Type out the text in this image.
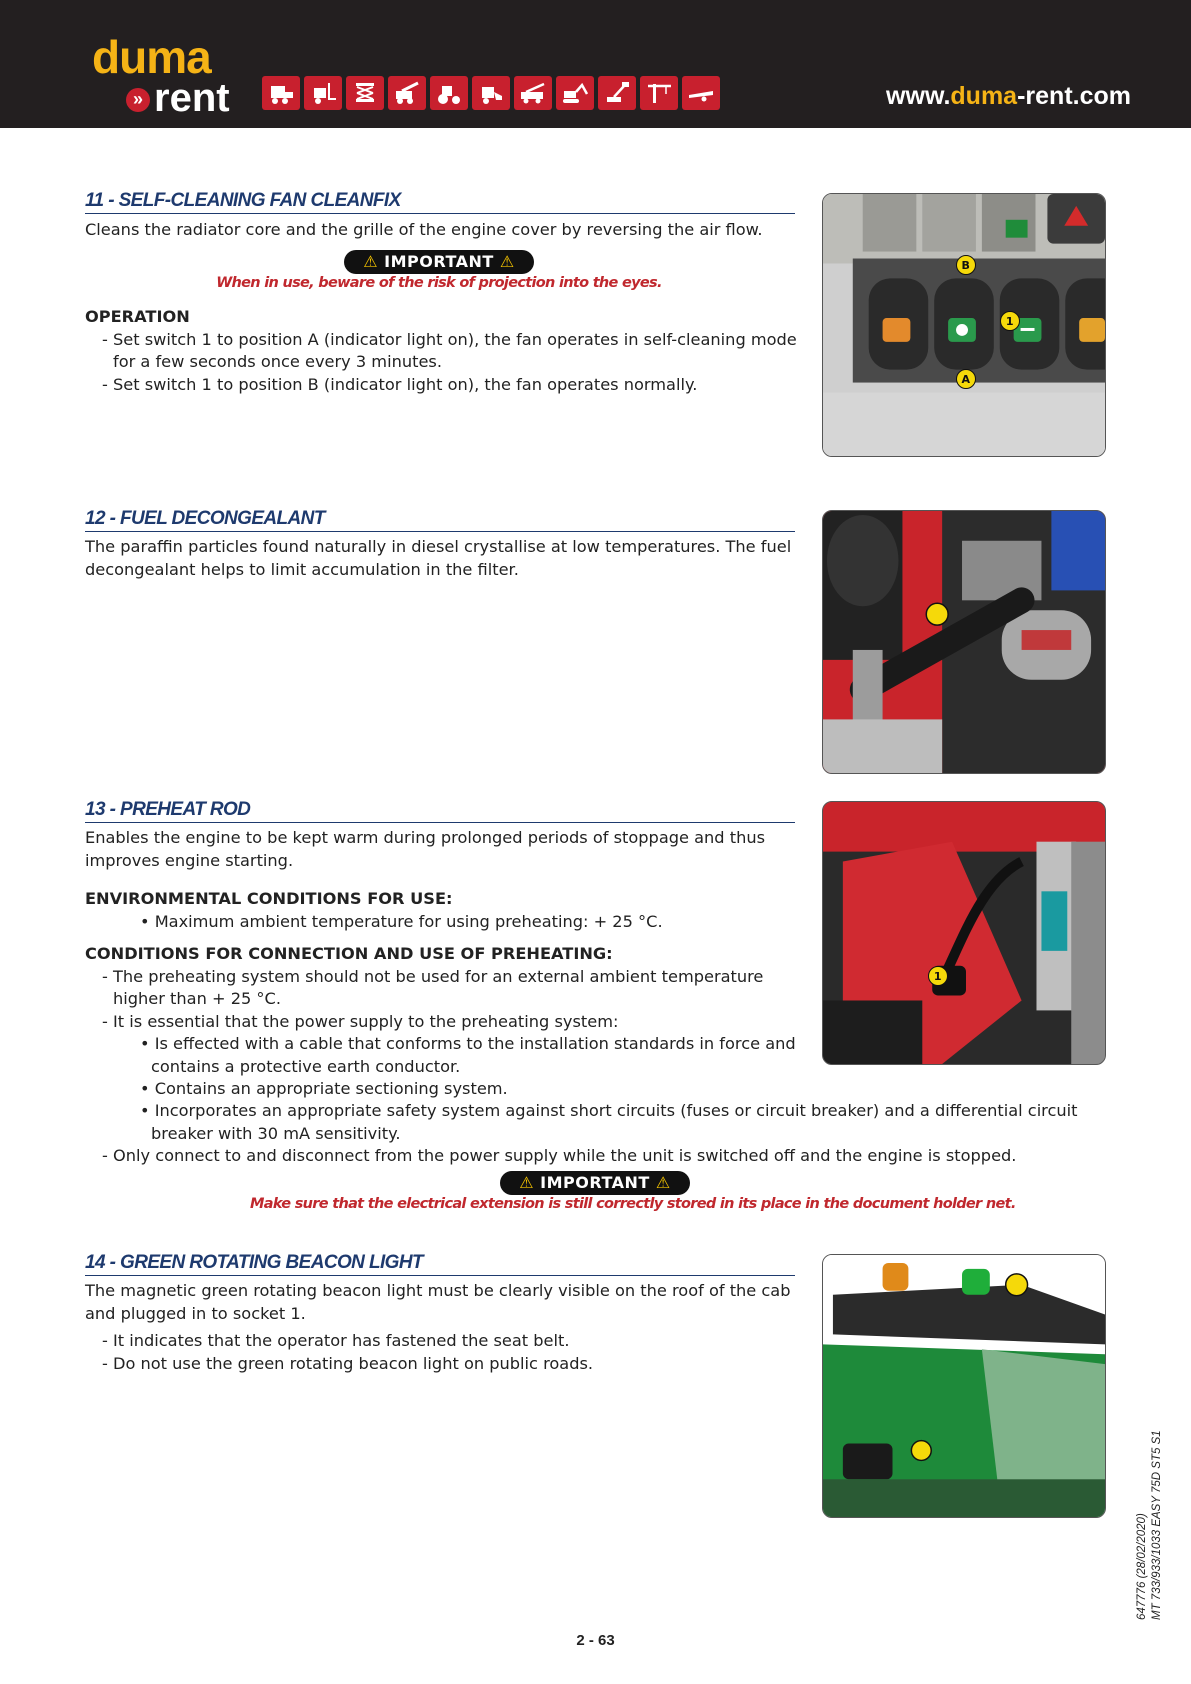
duma
» rent	www.duma-rent.com
11 - SELF-CLEANING FAN CLEANFIX
Cleans the radiator core and the grille of the engine cover by reversing the air flow.
⚠ IMPORTANT ⚠
When in use, beware of the risk of projection into the eyes.
OPERATION
- Set switch 1 to position A (indicator light on), the fan operates in self-cleaning mode for a few seconds once every 3 minutes.
- Set switch 1 to position B (indicator light on), the fan operates normally.
B
1
A
12 - FUEL DECONGEALANT
The paraffin particles found naturally in diesel crystallise at low temperatures. The fuel decongealant helps to limit accumulation in the filter.
13 - PREHEAT ROD
Enables the engine to be kept warm during prolonged periods of stoppage and thus improves engine starting.
ENVIRONMENTAL CONDITIONS FOR USE:
• Maximum ambient temperature for using preheating: + 25 °C.
CONDITIONS FOR CONNECTION AND USE OF PREHEATING:
- The preheating system should not be used for an external ambient temperature higher than + 25 °C.
- It is essential that the power supply to the preheating system:
• Is effected with a cable that conforms to the installation standards in force and contains a protective earth conductor.
• Contains an appropriate sectioning system.
• Incorporates an appropriate safety system against short circuits (fuses or circuit breaker) and a differential circuit breaker with 30 mA sensitivity.
- Only connect to and disconnect from the power supply while the unit is switched off and the engine is stopped.
⚠ IMPORTANT ⚠
Make sure that the electrical extension is still correctly stored in its place in the document holder net.
1
14 - GREEN ROTATING BEACON LIGHT
The magnetic green rotating beacon light must be clearly visible on the roof of the cab and plugged in to socket 1.
- It indicates that the operator has fastened the seat belt.
- Do not use the green rotating beacon light on public roads.
647776 (28/02/2020) MT 733/933/1033 EASY 75D ST5 S1
2 - 63
